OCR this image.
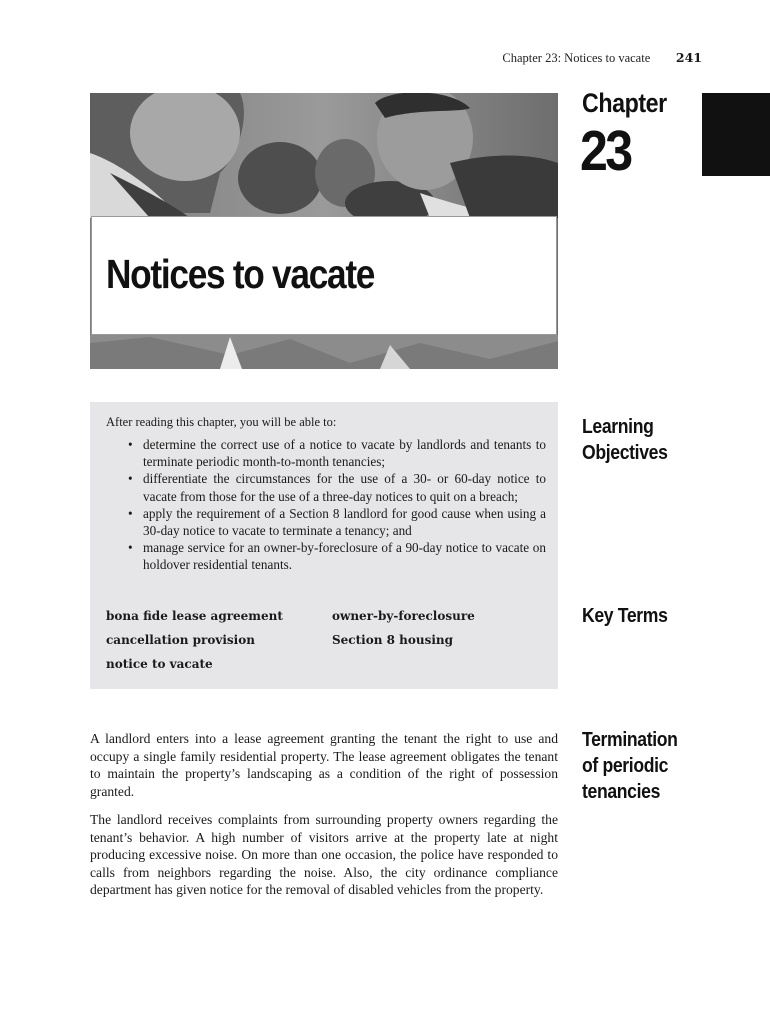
Chapter 23: Notices to vacate 241
Notices to vacate
Chapter
23
Learning Objectives
Key Terms
Termination of periodic tenancies

After reading this chapter, you will be able to:

• determine the correct use of a notice to vacate by landlords and tenants to terminate periodic month-to-month tenancies;
• differentiate the circumstances for the use of a 30- or 60-day notice to vacate from those for the use of a three-day notices to quit on a breach;
• apply the requirement of a Section 8 landlord for good cause when using a 30-day notice to vacate to terminate a tenancy; and
• manage service for an owner-by-foreclosure of a 90-day notice to vacate on holdover residential tenants.
bona fide lease agreement	owner-by-foreclosure
cancellation provision	Section 8 housing
notice to vacate

A landlord enters into a lease agreement granting the tenant the right to use and occupy a single family residential property. The lease agreement obligates the tenant to maintain the property’s landscaping as a condition of the right of possession granted.

The landlord receives complaints from surrounding property owners regarding the tenant’s behavior. A high number of visitors arrive at the property late at night producing excessive noise. On more than one occasion, the police have responded to calls from neighbors regarding the noise. Also, the city ordinance compliance department has given notice for the removal of disabled vehicles from the property.
